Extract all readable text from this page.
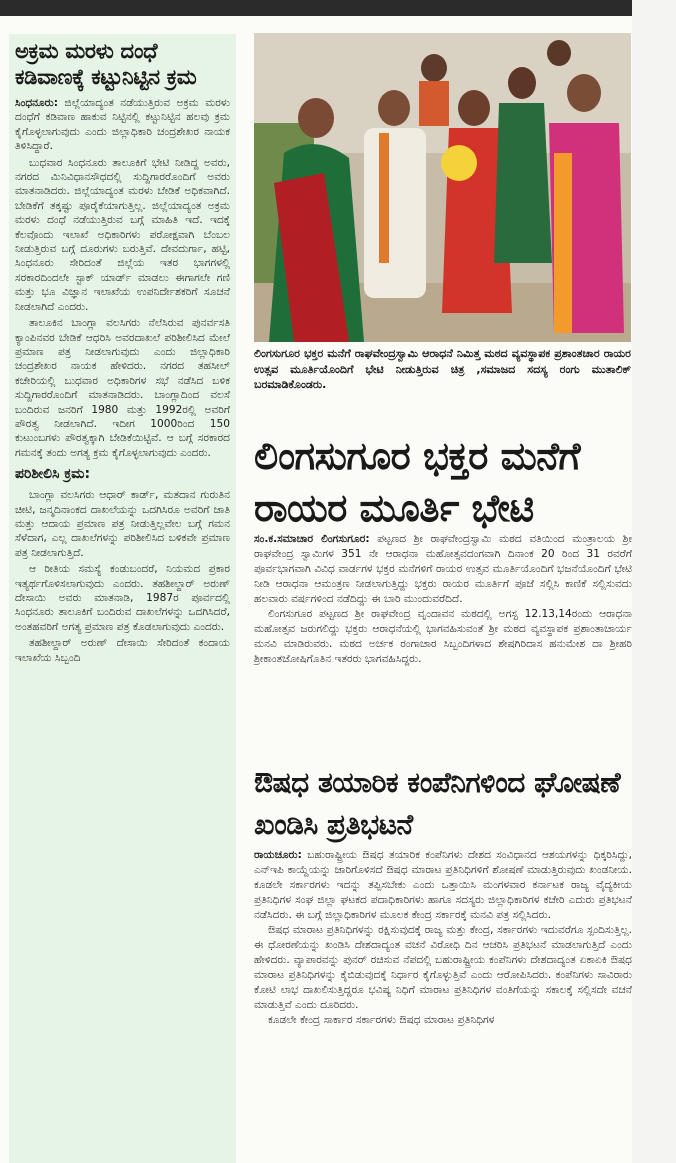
ಅಕ್ರಮ ಮರಳು ದಂಧೆ ಕಡಿವಾಣಕ್ಕೆ ಕಟ್ಟುನಿಟ್ಟಿನ ಕ್ರಮ

ಸಿಂಧನೂರು: ಜಿಲ್ಲೆಯಾದ್ಯಂತ ನಡೆಯುತ್ತಿರುವ ಅಕ್ರಮ ಮರಳು ದಂಧೆಗೆ ಕಡಿವಾಣ ಹಾಕುವ ನಿಟ್ಟಿನಲ್ಲಿ ಕಟ್ಟುನಿಟ್ಟಿನ ಹಲವು ಕ್ರಮ ಕೈಗೊಳ್ಳಲಾಗುವುದು ಎಂದು ಜಿಲ್ಲಾಧಿಕಾರಿ ಚಂದ್ರಶೇಖರ ನಾಯಕ ತಿಳಿಸಿದ್ದಾರೆ.

ಬುಧವಾರ ಸಿಂಧನೂರು ತಾಲೂಕಿಗೆ ಭೇಟಿ ನೀಡಿದ್ದ ಅವರು, ನಗರದ ಮಿನಿವಿಧಾನಸೌಧದಲ್ಲಿ ಸುದ್ದಿಗಾರರೊಂದಿಗೆ ಅವರು ಮಾತನಾಡಿದರು. ಜಿಲ್ಲೆಯಾದ್ಯಂತ ಮರಳು ಬೇಡಿಕೆ ಅಧಿಕವಾಗಿದೆ. ಬೇಡಿಕೆಗೆ ತಕ್ಕಷ್ಟು ಪೂರೈಕೆಯಾಗುತ್ತಿಲ್ಲ. ಜಿಲ್ಲೆಯಾದ್ಯಂತ ಅಕ್ರಮ ಮರಳು ದಂಧೆ ನಡೆಯುತ್ತಿರುವ ಬಗ್ಗೆ ಮಾಹಿತಿ ಇದೆ. ಇದಕ್ಕೆ ಕೆಲವೊಂದು ಇಲಾಖೆ ಅಧಿಕಾರಿಗಳು ಪರೋಕ್ಷವಾಗಿ ಬೆಂಬಲ ನೀಡುತ್ತಿರುವ ಬಗ್ಗೆ ದೂರುಗಳು ಬರುತ್ತಿವೆ. ದೇವದುರ್ಗಾ, ಹಟ್ಟಿ, ಸಿಂಧನೂರು ಸೇರಿದಂತೆ ಜಿಲ್ಲೆಯ ಇತರ ಭಾಗಗಳಲ್ಲಿ ಸರಕಾರದಿಂದಲೇ ಸ್ಟಾಕ್ ಯಾರ್ಡ್ ಮಾಡಲು ಈಗಾಗಲೇ ಗಣಿ ಮತ್ತು ಭೂ ವಿಜ್ಞಾನ ಇಲಾಖೆಯ ಉಪನಿರ್ದೇಶಕರಿಗೆ ಸೂಚನೆ ನೀಡಲಾಗಿದೆ ಎಂದರು.

ತಾಲೂಕಿನ ಬಾಂಗ್ಲಾ ವಲಸಿಗರು ನೆಲೆಸಿರುವ ಪುನರ್ವಸತಿ ಕ್ಯಾಂಪಿನವರ ಬೇಡಿಕೆ ಆಧರಿಸಿ ಅವರದಾಖಲೆ ಪರಿಶೀಲಿಸಿದ ಮೇಲೆ ಪ್ರಮಾಣ ಪತ್ರ ನೀಡಲಾಗುವುದು ಎಂದು ಜಿಲ್ಲಾಧಿಕಾರಿ ಚಂದ್ರಶೇಖರ ನಾಯಕ ಹೇಳಿದರು. ನಗರದ ತಹಸೀಲ್ ಕಚೇರಿಯಲ್ಲಿ ಬುಧವಾರ ಅಧಿಕಾರಿಗಳ ಸಭೆ ನಡೆಸಿದ ಬಳಿಕ ಸುದ್ದಿಗಾರರೊಂದಿಗೆ ಮಾತನಾಡಿದರು. ಬಾಂಗ್ಲಾದಿಂದ ವಲಸೆ ಬಂದಿರುವ ಜನರಿಗೆ 1980 ಮತ್ತು 1992ರಲ್ಲಿ ಅವರಿಗೆ ಪೌರತ್ವ ನೀಡಲಾಗಿದೆ. ಇದೀಗ 1000ರಿಂದ 150 ಕುಟುಂಬಗಳು ಪೌರತ್ವಕ್ಕಾಗಿ ಬೇಡಿಕೆಯಿಟ್ಟಿವೆ. ಆ ಬಗ್ಗೆ ಸರಕಾರದ ಗಮನಕ್ಕೆ ತಂದು ಅಗತ್ಯ ಕ್ರಮ ಕೈಗೊಳ್ಳಲಾಗುವುದು ಎಂದರು.

ಪರಿಶೀಲಿಸಿ ಕ್ರಮ:

ಬಾಂಗ್ಲಾ ವಲಸಿಗರು ಆಧಾರ್ ಕಾರ್ಡ್, ಮತದಾನ ಗುರುತಿನ ಚೀಟಿ, ಜನ್ಮದಿನಾಂಕದ ದಾಖಲೆಯನ್ನು ಒದಗಿಸಿರೂ ಅವರಿಗೆ ಜಾತಿ ಮತ್ತು ಆದಾಯ ಪ್ರಮಾಣ ಪತ್ರ ನೀಡುತ್ತಿಲ್ಲವೇಲ ಬಗ್ಗೆ ಗಮನ ಸೆಳೆದಾಗ, ಎಲ್ಲ ದಾಖಲೆಗಳನ್ನು ಪರಿಶೀಲಿಸಿದ ಬಳಿಕವೇ ಪ್ರಮಾಣ ಪತ್ರ ನೀಡಲಾಗುತ್ತಿದೆ.

ಆ ರೀತಿಯ ಸಮಸ್ಯೆ ಕಂಡುಬಂದರೆ, ನಿಯಮದ ಪ್ರಕಾರ ಇತ್ಯರ್ಥಗೊಳಿಸಲಾಗುವುದು ಎಂದರು. ತಹಶೀಲ್ದಾರ್ ಅರುಣ್ ದೇಸಾಯಿ ಅವರು ಮಾತನಾಡಿ, 1987ರ ಪೂರ್ವದಲ್ಲಿ ಸಿಂಧನೂರು ತಾಲೂಕಿಗೆ ಬಂದಿರುವ ದಾಖಲೆಗಳನ್ನು ಒದಗಿಸಿದರೆ, ಅಂತಹವರಿಗೆ ಅಗತ್ಯ ಪ್ರಮಾಣ ಪತ್ರ ಕೊಡಲಾಗುವುದು ಎಂದರು.

ತಹಶೀಲ್ದಾರ್ ಅರುಣ್ ದೇಸಾಯಿ ಸೇರಿದಂತೆ ಕಂದಾಯ ಇಲಾಖೆಯ ಸಿಬ್ಬಂದಿ

ಲಿಂಗಸುಗೂರ ಭಕ್ತರ ಮನೆಗೆ ರಾಘವೇಂದ್ರಸ್ವಾಮಿ ಆರಾಧನೆ ನಿಮಿತ್ತ ಮಠದ ವ್ಯವಸ್ಥಾಪಕ ಪ್ರಶಾಂತಚಾರ ರಾಯರ ಉತ್ಸವ ಮೂರ್ತಿಯೊಂದಿಗೆ ಭೇಟಿ ನೀಡುತ್ತಿರುವ ಚಿತ್ರ ,ಸಮಾಜದ ಸದಸ್ಯ ರಂಗು ಮುತಾಲಿಕ್ ಬರಮಾಡಿಕೊಂಡರು.
ಲಿಂಗಸುಗೂರ ಭಕ್ತರ ಮನೆಗೆ ರಾಯರ ಮೂರ್ತಿ ಭೇಟಿ

ಸಂ.ಕ.ಸಮಾಚಾರ ಲಿಂಗಸುಗೂರ: ಪಟ್ಟಣದ ಶ್ರೀ ರಾಘವೇಂದ್ರಸ್ವಾಮಿ ಮಠದ ವತಿಯಿಂದ ಮಂತ್ರಾಲಯ ಶ್ರೀ ರಾಘವೇಂದ್ರ ಸ್ವಾಮಿಗಳ 351 ನೇ ಆರಾಧನಾ ಮಹೋತ್ಸವದಂಗವಾಗಿ ದಿನಾಂಕ 20 ರಿಂದ 31 ರವರೆಗೆ ಪೂರ್ವಭಾಗವಾಗಿ ವಿವಿಧ ವಾರ್ಡಗಳ ಭಕ್ತರ ಮನೆಗಳಿಗೆ ರಾಯರ ಉತ್ಸವ ಮೂರ್ತಿಯೊಂದಿಗೆ ಭಜನೆಯೊಂದಿಗೆ ಭೇಟಿ ನೀಡಿ ಆರಾಧನಾ ಆಮಂತ್ರಣ ನೀಡಲಾಗುತ್ತಿದ್ದು ಭಕ್ತರು ರಾಯರ ಮೂರ್ತಿಗೆ ಪೂಜೆ ಸಲ್ಲಿಸಿ ಕಾಣಿಕೆ ಸಲ್ಲಿಸುವದು ಹಲವಾರು ವರ್ಷಗಳಿಂದ ನಡೆದಿದ್ದು ಈ ಬಾರಿ ಮುಂದುವರೆದಿದೆ.

ಲಿಂಗಸುಗೂರ ಪಟ್ಟಣದ ಶ್ರೀ ರಾಘವೇಂದ್ರ ವೃಂದಾವನ ಮಠದಲ್ಲಿ ಅಗಸ್ಟ 12.13,14ರಂದು ಆರಾಧನಾ ಮಹೋತ್ಸವ ಜರುಗಲಿದ್ದು ಭಕ್ತರು ಆರಾಧನೆಯಲ್ಲಿ ಭಾಗವಹಿಸುವಂತೆ ಶ್ರೀ ಮಠದ ವ್ಯವಸ್ಥಾಪಕ ಪ್ರಶಾಂತಾಚಾರ್ಯ ಮನವಿ ಮಾಡಿರುವರು. ಮಠದ ಅರ್ಚಕ ರಂಗಾಚಾರ ಸಿಬ್ಬಂದಿಗಳಾದ ಶೇಷಗಿರಿದಾಸ ಹನುಮೇಶ ದಾ ಶ್ರೀಹರಿ ಶ್ರೀಕಾಂತಜೋಷಿಗೊತಿನ ಇತರರು ಭಾಗವಹಿಸಿದ್ದರು.

ಔಷಧ ತಯಾರಿಕ ಕಂಪೆನಿಗಳಿಂದ ಘೋಷಣೆ ಖಂಡಿಸಿ ಪ್ರತಿಭಟನೆ

ರಾಯಚೂರು: ಬಹುರಾಷ್ಟ್ರೀಯ ಔಷಧ ತಯಾರಿಕ ಕಂಪೆನಿಗಳು ದೇಶದ ಸಂವಿಧಾನದ ಆಶಯಗಳನ್ನು ಧಿಕ್ಕರಿಸಿದ್ದು, ಎನ್‌ಇಪಿ ಕಾಯ್ದೆಯನ್ನು ಜಾರಿಗೊಳಿಸದೆ ಔಷಧ ಮಾರಾಟ ಪ್ರತಿನಿಧಿಗಳಿಗೆ ಶೋಷಣೆ ಮಾಡುತ್ತಿರುವುದು ಖಂಡನೀಯ. ಕೂಡಲೇ ಸರ್ಕಾರಗಳು ಇದನ್ನು ತಪ್ಪಿಸಬೇಕು ಎಂದು ಒತ್ತಾಯಿಸಿ ಮಂಗಳವಾರ ಕರ್ನಾಟಕ ರಾಜ್ಯ ವೈದ್ಯಕೀಯ ಪ್ರತಿನಿಧಿಗಳ ಸಂಘ ಜಿಲ್ಲಾ ಘಟಕದ ಪದಾಧಿಕಾರಿಗಳು ಹಾಗೂ ಸದಸ್ಯರು ಜಿಲ್ಲಾಧಿಕಾರಿಗಳ ಕಚೇರಿ ಎದುರು ಪ್ರತಿಭಟನೆ ನಡೆಸಿದರು. ಈ ಬಗ್ಗೆ ಜಿಲ್ಲಾಧಿಕಾರಿಗಳ ಮೂಲಕ ಕೇಂದ್ರ ಸರ್ಕಾರಕ್ಕೆ ಮನವಿ ಪತ್ರ ಸಲ್ಲಿಸಿದರು.

ಔಷಧ ಮಾರಾಟ ಪ್ರತಿನಿಧಿಗಳನ್ನು ರಕ್ಷಿಸುವುದಕ್ಕೆ ರಾಜ್ಯ ಮತ್ತು ಕೇಂದ್ರ, ಸರ್ಕಾರಗಳು ಇದುವರೆಗೂ ಸ್ಪಂದಿಸುತ್ತಿಲ್ಲ. ಈ ಧೋರಣೆಯನ್ನು ಖಂಡಿಸಿ ದೇಶದಾದ್ಯಂತ ವಚನೆ ವಿರೋಧಿ ದಿನ ಆಚರಿಸಿ ಪ್ರತಿಭಟನೆ ಮಾಡಲಾಗುತ್ತಿದೆ ಎಂದು ಹೇಳಿದರು. ವ್ಯಾಪಾರವನ್ನು ಪುನರ್ ರಚಿಸುವ ನೆಪದಲ್ಲಿ ಬಹುರಾಷ್ಟ್ರೀಯ ಕಂಪೆನಿಗಳು ದೇಶದಾದ್ಯಂತ ಏಕಾಏಕಿ ಔಷಧ ಮಾರಾಟ ಪ್ರತಿನಿಧಿಗಳನ್ನು ಕೈಬಿಡುವುದಕ್ಕೆ ನಿರ್ಧಾರ ಕೈಗೊಳ್ಳುತ್ತಿವೆ ಎಂದು ಆರೋಪಿಸಿದರು. ಕಂಪೆನಿಗಳು ಸಾವಿರಾರು ಕೋಟಿ ಲಾಭ ದಾಖಲಿಸುತ್ತಿದ್ದರೂ ಭವಿಷ್ಯ ನಿಧಿಗೆ ಮಾರಾಟ ಪ್ರತಿನಿಧಿಗಳ ವಂತಿಗೆಯನ್ನು ಸಕಾಲಕ್ಕೆ ಸಲ್ಲಿಸದೇ ವಚನೆ ಮಾಡುತ್ತಿವೆ ಎಂದು ದೂರಿದರು.

ಕೂಡಲೇ ಕೇಂದ್ರ ಸಾರ್ಕಾರ ಸರ್ಕಾರಗಳು ಔಷಧ ಮಾರಾಟ ಪ್ರತಿನಿಧಿಗಳ
